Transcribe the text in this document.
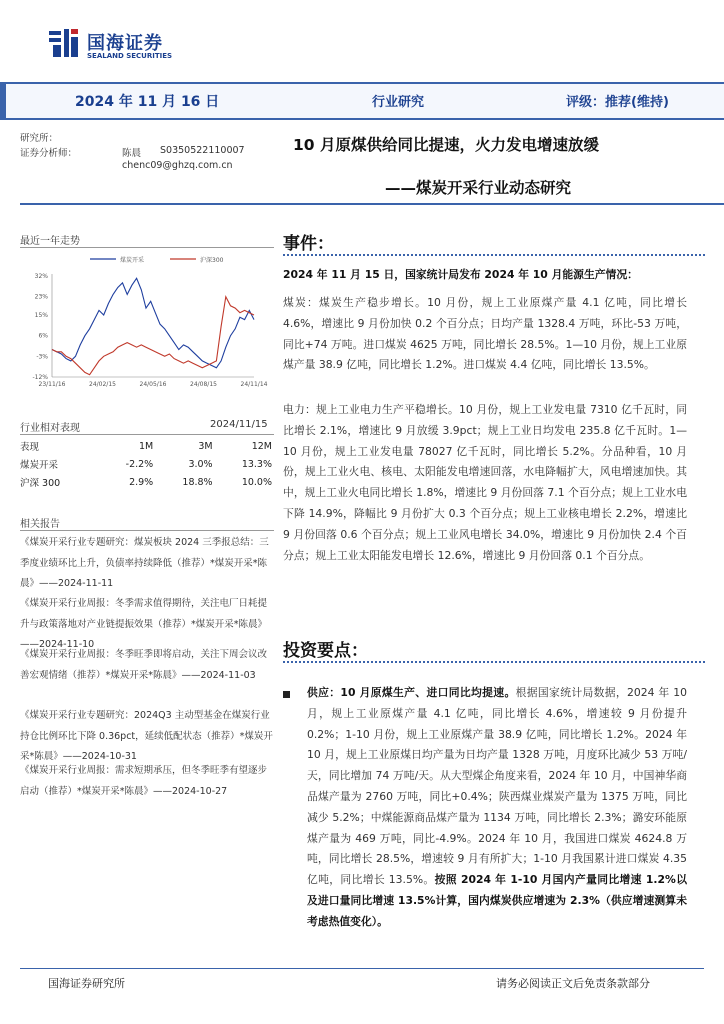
国海证券
SEALAND SECURITIES
2024 年 11 月 16 日	行业研究	评级：推荐(维持)
研究所：
证券分析师：	陈晨 S0350522110007
chenc09@ghzq.com.cn
10 月原煤供给同比提速，火力发电增速放缓
——煤炭开采行业动态研究
最近一年走势
煤炭开采	沪深300
32%
23%
15%
6%
-3%
-12%
23/11/16	24/02/15	24/05/16	24/08/15	24/11/14
行业相对表现	2024/11/15
表现	1M	3M	12M
煤炭开采	-2.2%	3.0%	13.3%
沪深 300	2.9%	18.8%	10.0%
相关报告
《煤炭开采行业专题研究：煤炭板块 2024 三季报总结：三季度业绩环比上升，负债率持续降低（推荐）*煤炭开采*陈晨》——2024-11-11
《煤炭开采行业周报：冬季需求值得期待，关注电厂日耗提升与政策落地对产业链提振效果（推荐）*煤炭开采*陈晨》——2024-11-10
《煤炭开采行业周报：冬季旺季即将启动，关注下周会议改善宏观情绪（推荐）*煤炭开采*陈晨》——2024-11-03
《煤炭开采行业专题研究：2024Q3 主动型基金在煤炭行业持仓比例环比下降 0.36pct，延续低配状态（推荐）*煤炭开采*陈晨》——2024-10-31
《煤炭开采行业周报：需求短期承压，但冬季旺季有望逐步启动（推荐）*煤炭开采*陈晨》——2024-10-27
事件：
2024 年 11 月 15 日，国家统计局发布 2024 年 10 月能源生产情况：
煤炭：煤炭生产稳步增长。10 月份，规上工业原煤产量 4.1 亿吨，同比增长 4.6%，增速比 9 月份加快 0.2 个百分点；日均产量 1328.4 万吨，环比-53 万吨，同比+74 万吨。进口煤炭 4625 万吨，同比增长 28.5%。1—10 月份，规上工业原煤产量 38.9 亿吨，同比增长 1.2%。进口煤炭 4.4 亿吨，同比增长 13.5%。
电力：规上工业电力生产平稳增长。10 月份，规上工业发电量 7310 亿千瓦时，同比增长 2.1%，增速比 9 月放缓 3.9pct；规上工业日均发电 235.8 亿千瓦时。1—10 月份，规上工业发电量 78027 亿千瓦时，同比增长 5.2%。分品种看，10 月份，规上工业火电、核电、太阳能发电增速回落，水电降幅扩大，风电增速加快。其中，规上工业火电同比增长 1.8%，增速比 9 月份回落 7.1 个百分点；规上工业水电下降 14.9%，降幅比 9 月份扩大 0.3 个百分点；规上工业核电增长 2.2%，增速比 9 月份回落 0.6 个百分点；规上工业风电增长 34.0%，增速比 9 月份加快 2.4 个百分点；规上工业太阳能发电增长 12.6%，增速比 9 月份回落 0.1 个百分点。
投资要点：
供应：10 月原煤生产、进口同比均提速。根据国家统计局数据，2024 年 10 月，规上工业原煤产量 4.1 亿吨，同比增长 4.6%，增速较 9 月份提升 0.2%；1-10 月份，规上工业原煤产量 38.9 亿吨，同比增长 1.2%。2024 年 10 月，规上工业原煤日均产量为日均产量 1328 万吨，月度环比减少 53 万吨/天，同比增加 74 万吨/天。从大型煤企角度来看，2024 年 10 月，中国神华商品煤产量为 2760 万吨，同比+0.4%；陕西煤业煤炭产量为 1375 万吨，同比减少 5.2%；中煤能源商品煤产量为 1134 万吨，同比增长 2.3%；潞安环能原煤产量为 469 万吨，同比-4.9%。2024 年 10 月，我国进口煤炭 4624.8 万吨，同比增长 28.5%，增速较 9 月有所扩大；1-10 月我国累计进口煤炭 4.35 亿吨，同比增长 13.5%。按照 2024 年 1-10 月国内产量同比增速 1.2%以及进口量同比增速 13.5%计算，国内煤炭供应增速为 2.3%（供应增速测算未考虑热值变化）。
国海证券研究所	请务必阅读正文后免责条款部分
